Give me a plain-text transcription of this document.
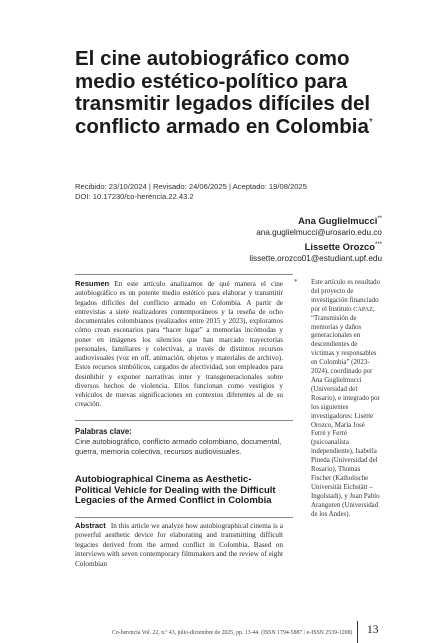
El cine autobiográfico como medio estético-político para transmitir legados difíciles del conflicto armado en Colombia*
Recibido: 23/10/2024 | Revisado: 24/06/2025 | Aceptado: 19/08/2025
DOI: 10.17230/co-herencia.22.43.2
Ana Guglielmucci**
ana.guglielmucci@urosario.edu.co
Lissette Orozco***
lissette.orozco01@estudiant.upf.edu
Resumen En este artículo analizamos de qué manera el cine autobiográfico es un potente medio estético para elaborar y transmitir legados difíciles del conflicto armado en Colombia. A partir de entrevistas a siete realizadores contemporáneos y la reseña de ocho documentales colombianos (realizados entre 2015 y 2023), exploramos cómo crean escenarios para “hacer lugar” a memorias incómodas y poner en imágenes los silencios que han marcado trayectorias personales, familiares y colectivas, a través de distintos recursos audiovisuales (voz en off, animación, objetos y materiales de archivo). Estos recursos simbólicos, cargados de afectividad, son empleados para desinhibir y exponer narrativas inter y transgeneracionales sobre diversos hechos de violencia. Ellos funcionan como vestigios y vehículos de nuevas significaciones en contextos diferentes al de su creación.
Palabras clave:
Cine autobiográfico, conflicto armado colombiano, documental, guerra, memoria colectiva, recursos audiovisuales.
Autobiographical Cinema as Aesthetic-Political Vehicle for Dealing with the Difficult Legacies of the Armed Conflict in Colombia
Abstract In this article we analyze how autobiographical cinema is a powerful aesthetic device for elaborating and transmitting difficult legacies derived from the armed conflict in Colombia. Based on interviews with seven contemporary filmmakers and the review of eight Colombian
* Este artículo es resultado del proyecto de investigación financiado por el Instituto CAPAZ, “Transmisión de memorias y daños generacionales en descendientes de víctimas y responsables en Colombia” (2023-2024), coordinado por Ana Guglielmucci (Universidad del Rosario), e integrado por los siguientes investigadores: Lisette Orozco, María José Ferré y Ferré (psicoanalista independiente), Isabella Pineda (Universidad del Rosario), Thomas Fischer (Katholische Universität Eichstätt – Ingolstadt), y Juan Pablo Aranguren (Universidad de los Andes).
Co-herencia Vol. 22, n.º 43, julio-diciembre de 2025, pp. 13-44. (ISSN 1794-5887 / e-ISSN 2539-1208) 13
